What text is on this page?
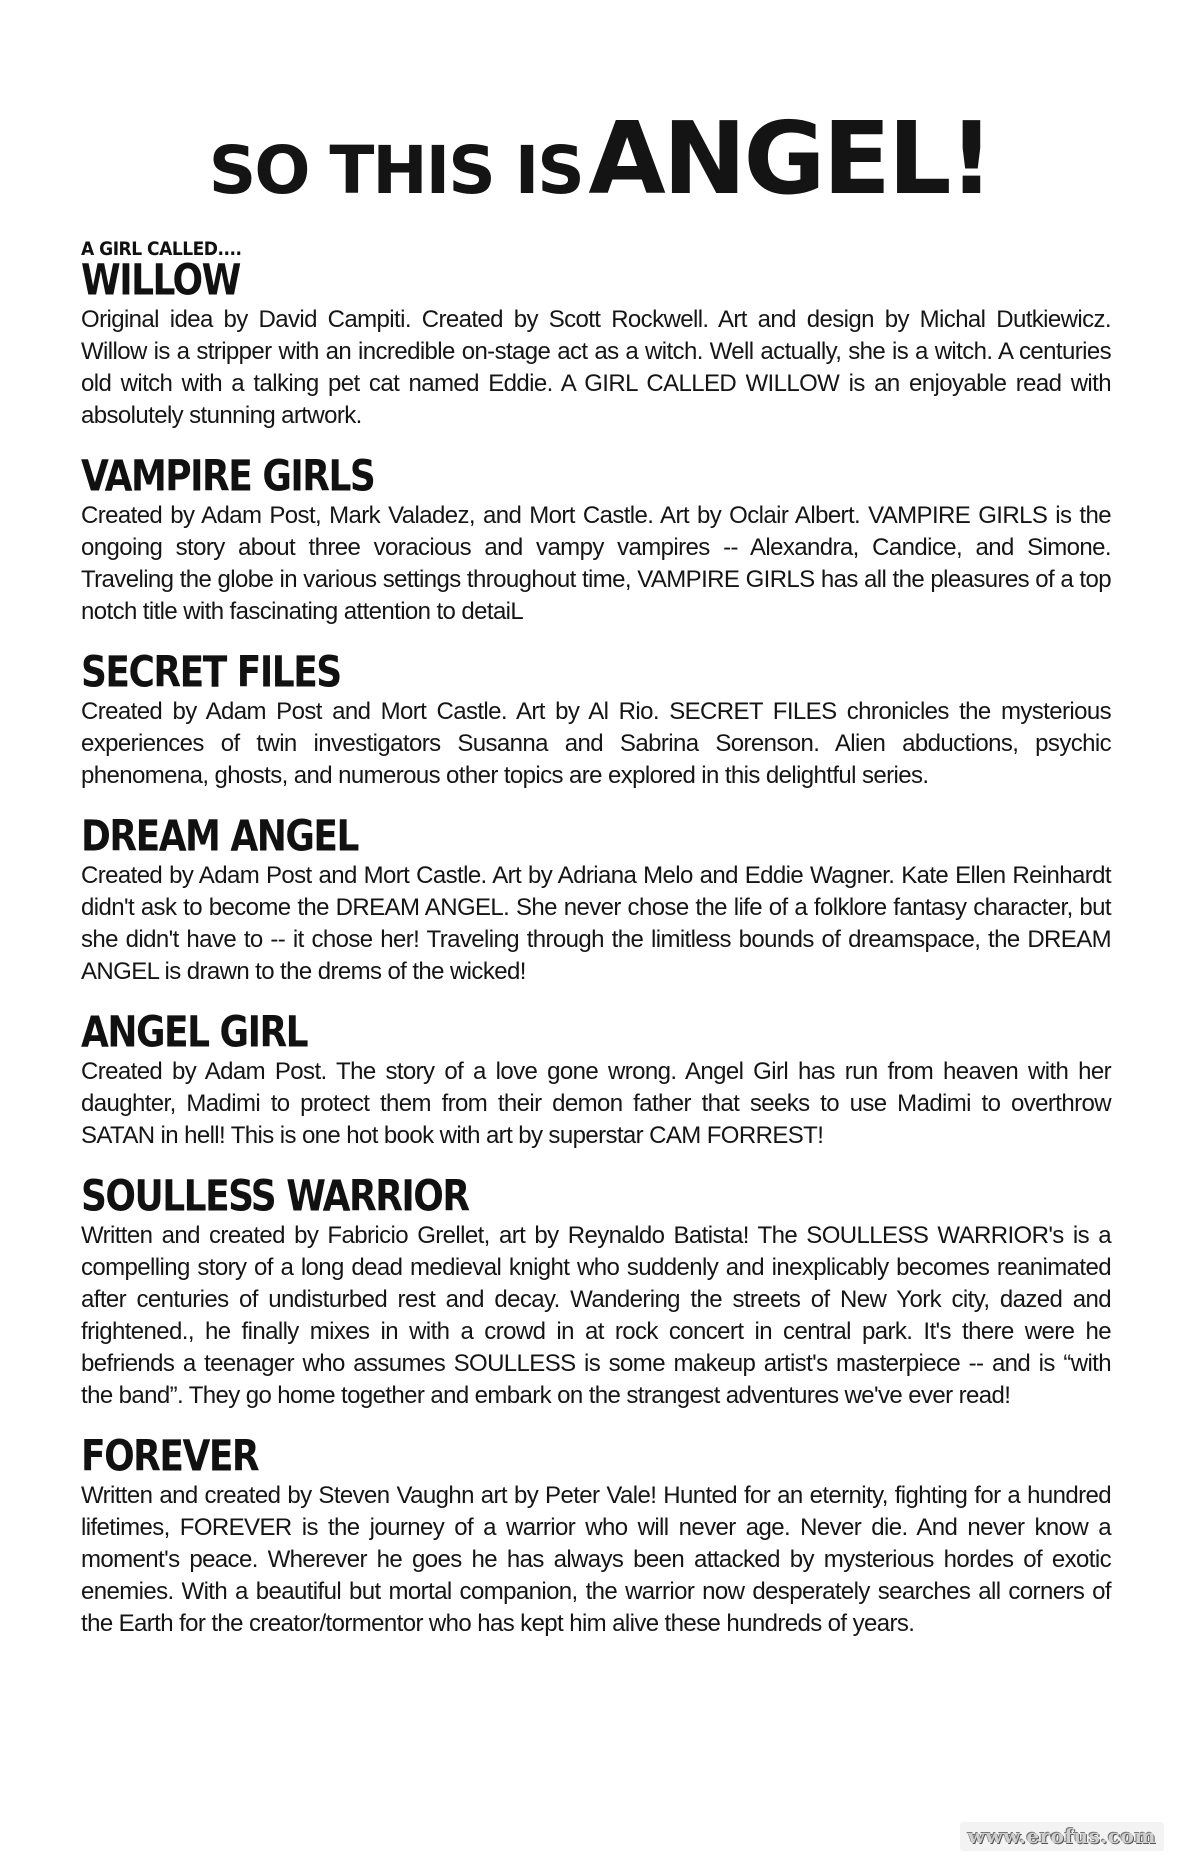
SO THIS IS ANGEL!
A GIRL CALLED....
WILLOW

Original idea by David Campiti. Created by Scott Rockwell. Art and design by Michal Dutkiewicz. Willow is a stripper with an incredible on-stage act as a witch. Well actually, she is a witch. A centuries old witch with a talking pet cat named Eddie. A GIRL CALLED WILLOW is an enjoyable read with absolutely stunning artwork.

VAMPIRE GIRLS

Created by Adam Post, Mark Valadez, and Mort Castle. Art by Oclair Albert. VAMPIRE GIRLS is the ongoing story about three voracious and vampy vampires -- Alexandra, Candice, and Simone. Traveling the globe in various settings throughout time, VAMPIRE GIRLS has all the pleasures of a top notch title with fascinating attention to detaiL

SECRET FILES

Created by Adam Post and Mort Castle. Art by Al Rio. SECRET FILES chronicles the mysterious experiences of twin investigators Susanna and Sabrina Sorenson. Alien abductions, psychic phenomena, ghosts, and numerous other topics are explored in this delightful series.

DREAM ANGEL

Created by Adam Post and Mort Castle. Art by Adriana Melo and Eddie Wagner. Kate Ellen Reinhardt didn't ask to become the DREAM ANGEL. She never chose the life of a folklore fantasy character, but she didn't have to -- it chose her! Traveling through the limitless bounds of dreamspace, the DREAM ANGEL is drawn to the drems of the wicked!

ANGEL GIRL

Created by Adam Post. The story of a love gone wrong. Angel Girl has run from heaven with her daughter, Madimi to protect them from their demon father that seeks to use Madimi to overthrow SATAN in hell! This is one hot book with art by superstar CAM FORREST!

SOULLESS WARRIOR

Written and created by Fabricio Grellet, art by Reynaldo Batista! The SOULLESS WARRIOR's is a compelling story of a long dead medieval knight who suddenly and inexplicably becomes reanimated after centuries of undisturbed rest and decay. Wandering the streets of New York city, dazed and frightened., he finally mixes in with a crowd in at rock concert in central park. It's there were he befriends a teenager who assumes SOULLESS is some makeup artist's masterpiece -- and is “with the band”. They go home together and embark on the strangest adventures we've ever read!

FOREVER

Written and created by Steven Vaughn art by Peter Vale! Hunted for an eternity, fighting for a hundred lifetimes, FOREVER is the journey of a warrior who will never age. Never die. And never know a moment's peace. Wherever he goes he has always been attacked by mysterious hordes of exotic enemies. With a beautiful but mortal companion, the warrior now desperately searches all corners of the Earth for the creator/tormentor who has kept him alive these hundreds of years.

www.erofus.com
